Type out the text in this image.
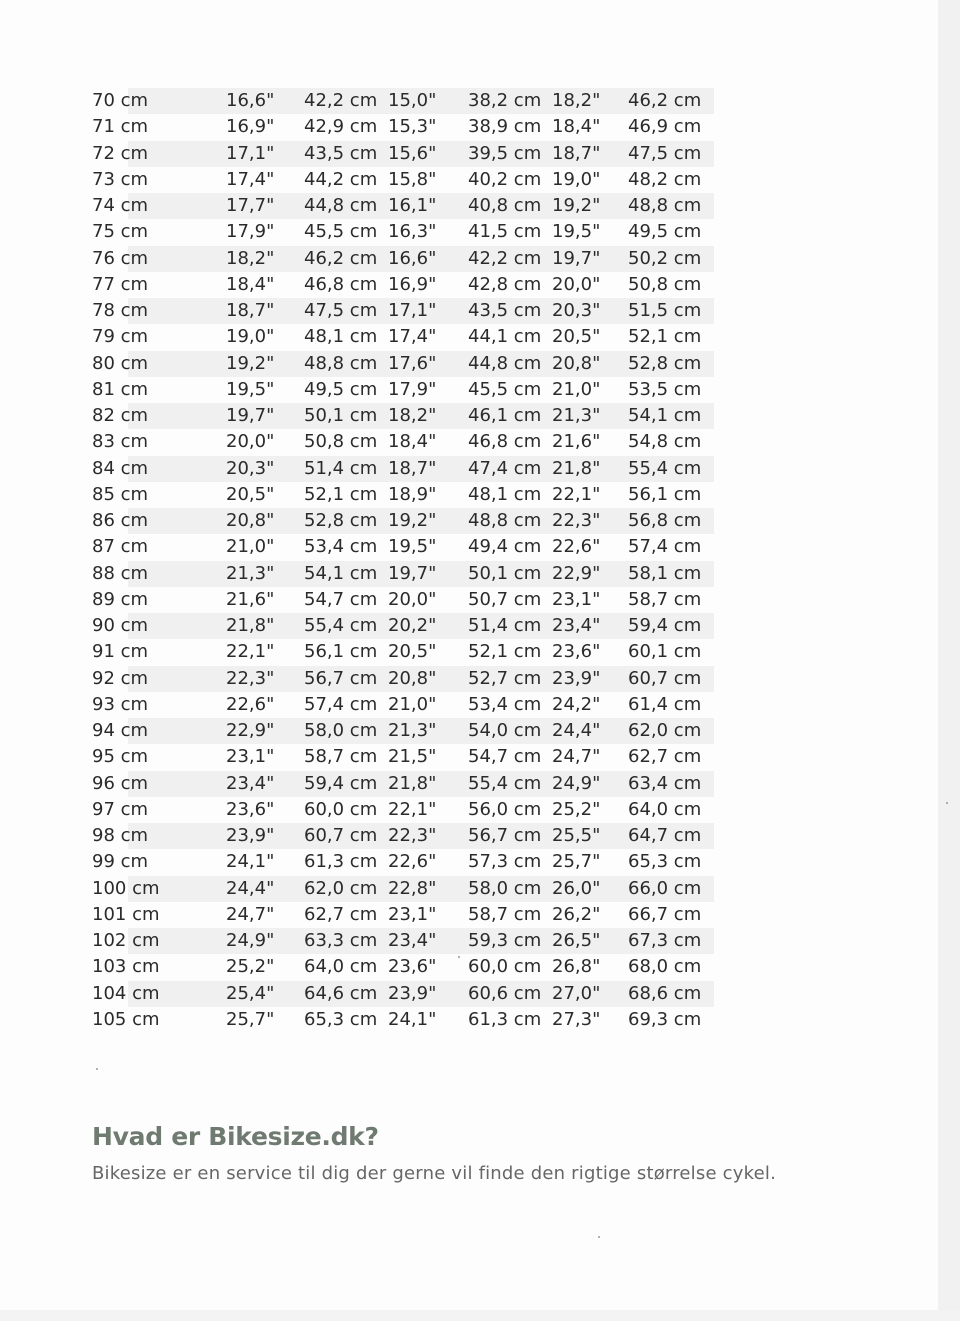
70 cm	16,6"	42,2 cm	15,0"	38,2 cm	18,2"	46,2 cm
71 cm	16,9"	42,9 cm	15,3"	38,9 cm	18,4"	46,9 cm
72 cm	17,1"	43,5 cm	15,6"	39,5 cm	18,7"	47,5 cm
73 cm	17,4"	44,2 cm	15,8"	40,2 cm	19,0"	48,2 cm
74 cm	17,7"	44,8 cm	16,1"	40,8 cm	19,2"	48,8 cm
75 cm	17,9"	45,5 cm	16,3"	41,5 cm	19,5"	49,5 cm
76 cm	18,2"	46,2 cm	16,6"	42,2 cm	19,7"	50,2 cm
77 cm	18,4"	46,8 cm	16,9"	42,8 cm	20,0"	50,8 cm
78 cm	18,7"	47,5 cm	17,1"	43,5 cm	20,3"	51,5 cm
79 cm	19,0"	48,1 cm	17,4"	44,1 cm	20,5"	52,1 cm
80 cm	19,2"	48,8 cm	17,6"	44,8 cm	20,8"	52,8 cm
81 cm	19,5"	49,5 cm	17,9"	45,5 cm	21,0"	53,5 cm
82 cm	19,7"	50,1 cm	18,2"	46,1 cm	21,3"	54,1 cm
83 cm	20,0"	50,8 cm	18,4"	46,8 cm	21,6"	54,8 cm
84 cm	20,3"	51,4 cm	18,7"	47,4 cm	21,8"	55,4 cm
85 cm	20,5"	52,1 cm	18,9"	48,1 cm	22,1"	56,1 cm
86 cm	20,8"	52,8 cm	19,2"	48,8 cm	22,3"	56,8 cm
87 cm	21,0"	53,4 cm	19,5"	49,4 cm	22,6"	57,4 cm
88 cm	21,3"	54,1 cm	19,7"	50,1 cm	22,9"	58,1 cm
89 cm	21,6"	54,7 cm	20,0"	50,7 cm	23,1"	58,7 cm
90 cm	21,8"	55,4 cm	20,2"	51,4 cm	23,4"	59,4 cm
91 cm	22,1"	56,1 cm	20,5"	52,1 cm	23,6"	60,1 cm
92 cm	22,3"	56,7 cm	20,8"	52,7 cm	23,9"	60,7 cm
93 cm	22,6"	57,4 cm	21,0"	53,4 cm	24,2"	61,4 cm
94 cm	22,9"	58,0 cm	21,3"	54,0 cm	24,4"	62,0 cm
95 cm	23,1"	58,7 cm	21,5"	54,7 cm	24,7"	62,7 cm
96 cm	23,4"	59,4 cm	21,8"	55,4 cm	24,9"	63,4 cm
97 cm	23,6"	60,0 cm	22,1"	56,0 cm	25,2"	64,0 cm
98 cm	23,9"	60,7 cm	22,3"	56,7 cm	25,5"	64,7 cm
99 cm	24,1"	61,3 cm	22,6"	57,3 cm	25,7"	65,3 cm
100 cm	24,4"	62,0 cm	22,8"	58,0 cm	26,0"	66,0 cm
101 cm	24,7"	62,7 cm	23,1"	58,7 cm	26,2"	66,7 cm
102 cm	24,9"	63,3 cm	23,4"	59,3 cm	26,5"	67,3 cm
103 cm	25,2"	64,0 cm	23,6"	60,0 cm	26,8"	68,0 cm
104 cm	25,4"	64,6 cm	23,9"	60,6 cm	27,0"	68,6 cm
105 cm	25,7"	65,3 cm	24,1"	61,3 cm	27,3"	69,3 cm
Hvad er Bikesize.dk?

Bikesize er en service til dig der gerne vil finde den rigtige størrelse cykel.
